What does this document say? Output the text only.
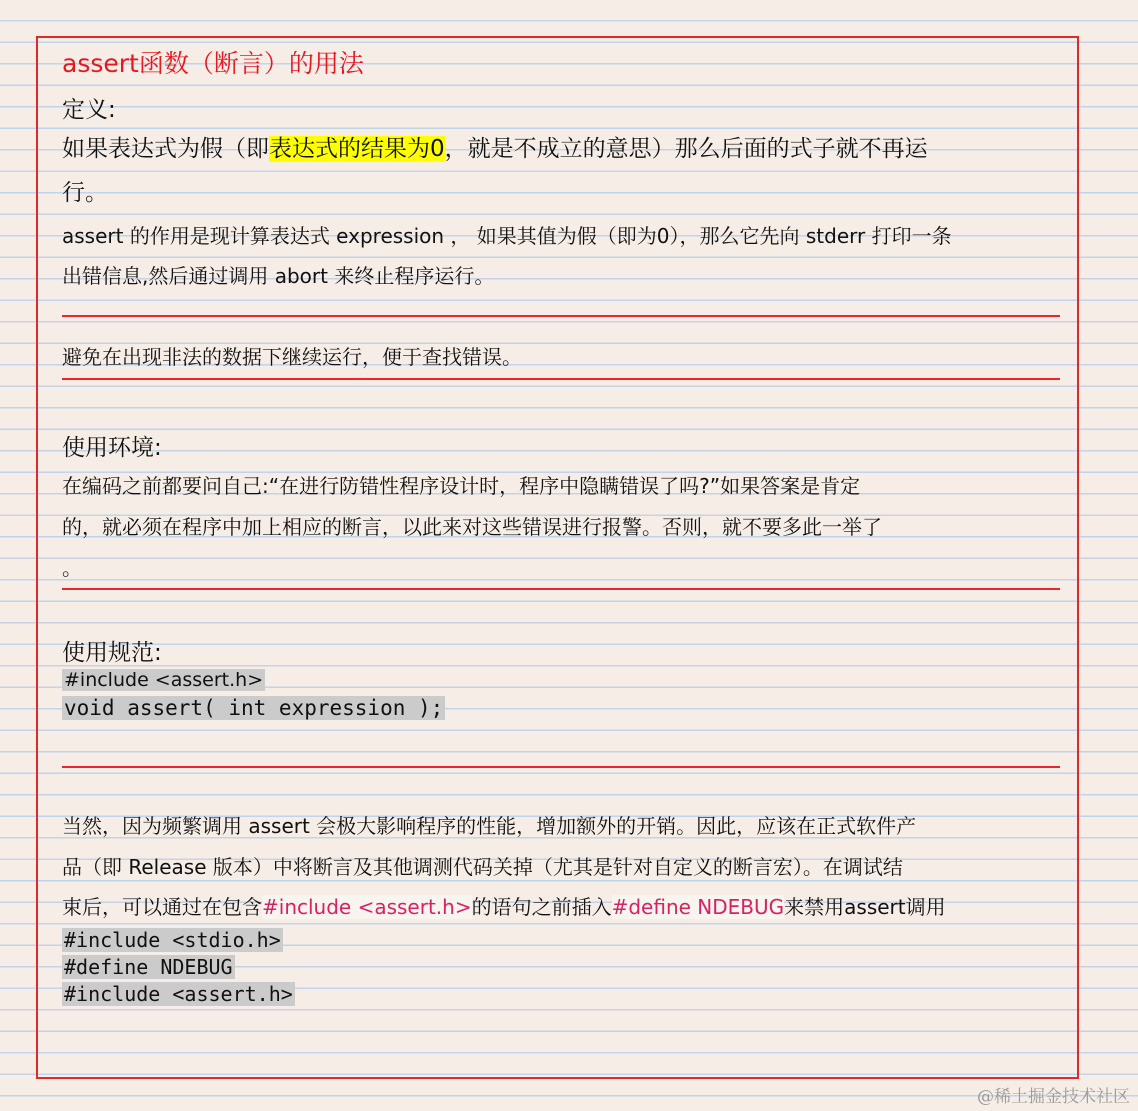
assert函数（断言）的用法
定义:
如果表达式为假（即表达式的结果为0，就是不成立的意思）那么后面的式子就不再运
行。
assert 的作用是现计算表达式 expression ， 如果其值为假（即为0），那么它先向 stderr 打印一条
出错信息,然后通过调用 abort 来终止程序运行。
避免在出现非法的数据下继续运行，便于查找错误。
使用环境:
在编码之前都要问自己:“在进行防错性程序设计时，程序中隐瞒错误了吗?”如果答案是肯定
的，就必须在程序中加上相应的断言，以此来对这些错误进行报警。否则，就不要多此一举了
。
使用规范:
#include <assert.h>
void assert( int expression );
当然，因为频繁调用 assert 会极大影响程序的性能，增加额外的开销。因此，应该在正式软件产
品（即 Release 版本）中将断言及其他调测代码关掉（尤其是针对自定义的断言宏）。在调试结
束后，可以通过在包含#include <assert.h>的语句之前插入#define NDEBUG来禁用assert调用
#include <stdio.h>
#define NDEBUG
#include <assert.h>
@稀土掘金技术社区
